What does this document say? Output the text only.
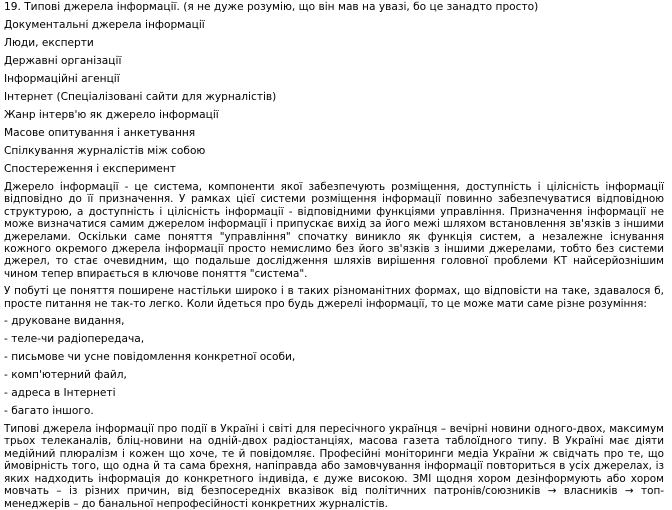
19. Типові джерела інформації. (я не дуже розумію, що він мав на увазі, бо це занадто просто)
Документальні джерела інформації
Люди, експерти
Державні організації
Інформаційні агенції
Інтернет (Спеціалізовані сайти для журналістів)
Жанр інтерв'ю як джерело інформації
Масове опитування і анкетування
Спілкування журналістів між собою
Спостереження і експеримент

Джерело інформації - це система, компоненти якої забезпечують розміщення, доступність і цілісність інформації відповідно до її призначення. У рамках цієї системи розміщення інформації повинно забезпечуватися відповідною структурою, а доступність і цілісність інформації - відповідними функціями управління. Призначення інформації не може визначатися самим джерелом інформації і припускає вихід за його межі шляхом встановлення зв'язків з іншими джерелами. Оскільки саме поняття "управління" спочатку виникло як функція систем, а незалежне існування кожного окремого джерела інформації просто немислимо без його зв'язків з іншими джерелами, тобто без системи джерел, то стає очевидним, що подальше дослідження шляхів вирішення головної проблеми КТ найсерйознішим чином тепер впирається в ключове поняття "система".

У побуті це поняття поширене настільки широко і в таких різноманітних формах, що відповісти на таке, здавалося б, просте питання не так-то легко. Коли йдеться про будь джерелі інформації, то це може мати саме різне розуміння:

- друковане видання,
- теле-чи радіопередача,
- письмове чи усне повідомлення конкретної особи,
- комп'ютерний файл,
- адреса в Інтернеті
- багато іншого.

Типові джерела інформації про події в Україні і світі для пересічного українця – вечірні новини одного-двох, максимум трьох телеканалів, бліц-новини на одній-двох радіостанціях, масова газета таблоїдного типу. В Україні має діяти медійний плюралізм і кожен що хоче, те й повідомляє. Професійні моніторинги медіа України ж свідчать про те, що ймовірність того, що одна й та сама брехня, напіправда або замовчування інформації повториться в усіх джерелах, із яких надходить інформація до конкретного індивіда, є дуже високою. ЗМІ щодня хором дезінформують або хором мовчать – із різних причин, від безпосередніх вказівок від політичних патронів/союзників → власників → топ-менеджерів – до банальної непрофесійності конкретних журналістів.
